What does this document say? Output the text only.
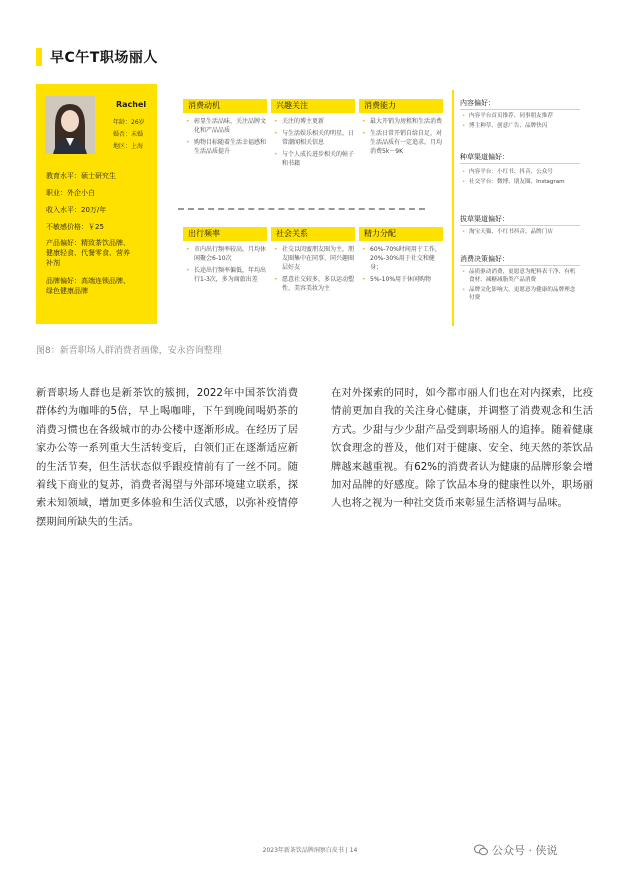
早C午T职场丽人
Rachel
年龄：26岁
婚否：未婚
地区：上海
教育水平：硕士研究生
职业：外企小白
收入水平：20万/年
不敏感价格：￥25
产品偏好：精致茶饮品牌、
健康轻食、代餐零食、营养
补剂
品牌偏好：高端连锁品牌、
绿色健康品牌
消费动机	兴趣关注	消费能力
• 彰显生活品味，关注品牌文化和产品品质
• 购物目标随着生活幸福感和生活品质提升
• 关注的博主更新
• 与生活娱乐相关的明星，日常潮闻相关信息
• 与个人成长进步相关的帖子和书籍
• 最大开销为房租和生活消费
• 生活日常开销自给自足，对生活品质有一定追求。月均消费5k～9K
出行频率	社会关系	精力分配
• 市内出行频率较高，月均休闲聚会6-10次
• 长途出行频率偏低，年均出行1-3次，多为商旅出差
• 社交以闺蜜朋友圈为主，朋友圈集中在同事、同兴趣圈层好友
• 愿意社交较多，多以运动塑性、美容美妆为主
• 60%-70%时间用于工作，20%-30%用于社交和健身；
• 5%-10%用于休闲购物
内容偏好：
• 内容平台首页推荐、同事朋友推荐
• 博主种草、创意广告、品牌快闪
种草渠道偏好：
• 内容平台：小红书、抖音、公众号
• 社交平台：微博、朋友圈、Instagram
拔草渠道偏好：
• 淘宝天猫、小红书抖音、品牌门店
消费决策偏好：
• 品质驱动消费，更愿意为配料表干净、有机食材、减糖减脂类产品消费
• 品牌文化影响大，更愿意为健康的品牌理念付费
图8：新晋职场人群消费者画像，安永咨询整理

新晋职场人群也是新茶饮的簇拥，2022年中国茶饮消费群体约为咖啡的5倍，早上喝咖啡，下午到晚间喝奶茶的消费习惯也在各级城市的办公楼中逐渐形成。在经历了居家办公等一系列重大生活转变后，白领们正在逐渐适应新的生活节奏，但生活状态似乎跟疫情前有了一丝不同。随着线下商业的复苏，消费者渴望与外部环境建立联系，探索未知领域，增加更多体验和生活仪式感，以弥补疫情停摆期间所缺失的生活。

在对外探索的同时，如今都市丽人们也在对内探索，比疫情前更加自我的关注身心健康，并调整了消费观念和生活方式。少甜与少少甜产品受到职场丽人的追捧。随着健康饮食理念的普及，他们对于健康、安全、纯天然的茶饮品牌越来越重视。有62%的消费者认为健康的品牌形象会增加对品牌的好感度。除了饮品本身的健康性以外，职场丽人也将之视为一种社交货币来彰显生活格调与品味。

2023年新茶饮品牌洞察白皮书 | 14	公众号 · 侠说
